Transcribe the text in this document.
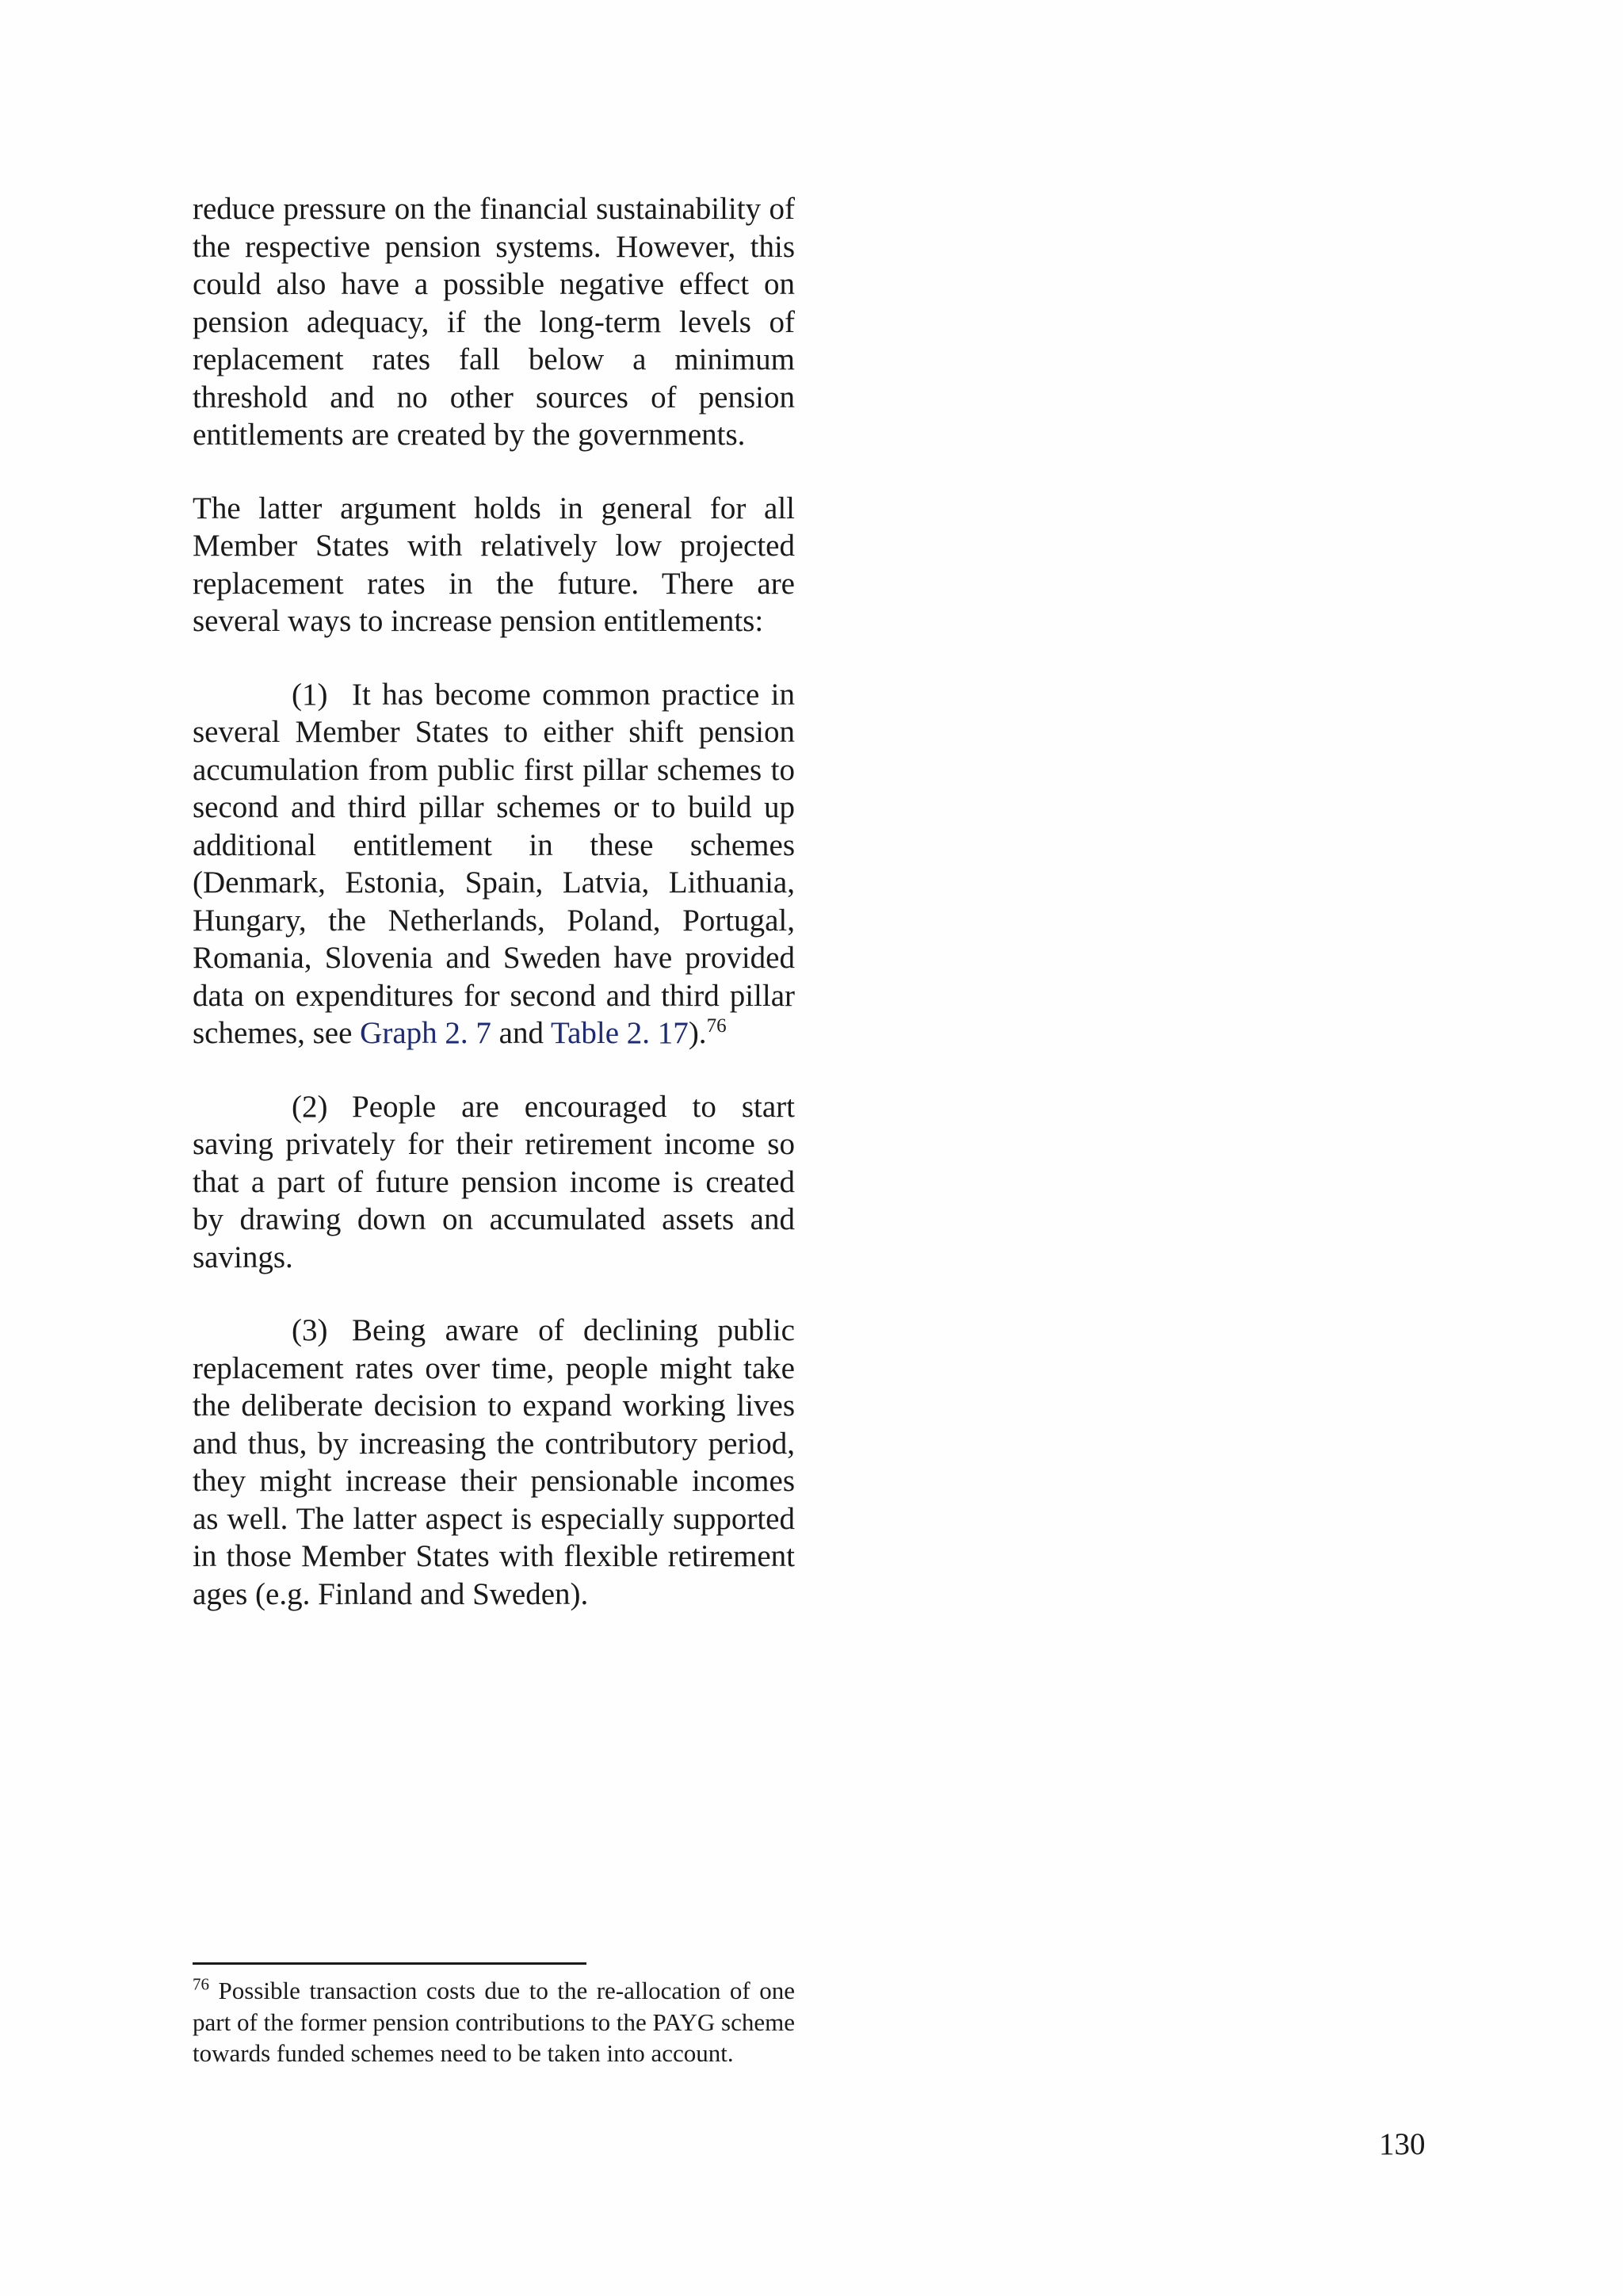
reduce pressure on the financial sustainability of the respective pension systems. However, this could also have a possible negative effect on pension adequacy, if the long-term levels of replacement rates fall below a minimum threshold and no other sources of pension entitlements are created by the governments.

The latter argument holds in general for all Member States with relatively low projected replacement rates in the future. There are several ways to increase pension entitlements:

(1) It has become common practice in several Member States to either shift pension accumulation from public first pillar schemes to second and third pillar schemes or to build up additional entitlement in these schemes (Denmark, Estonia, Spain, Latvia, Lithuania, Hungary, the Netherlands, Poland, Portugal, Romania, Slovenia and Sweden have provided data on expenditures for second and third pillar schemes, see Graph 2. 7 and Table 2. 17).$^{76}$

(2) People are encouraged to start saving privately for their retirement income so that a part of future pension income is created by drawing down on accumulated assets and savings.

(3) Being aware of declining public replacement rates over time, people might take the deliberate decision to expand working lives and thus, by increasing the contributory period, they might increase their pensionable incomes as well. The latter aspect is especially supported in those Member States with flexible retirement ages (e.g. Finland and Sweden).

$^{76}$ Possible transaction costs due to the re-allocation of one part of the former pension contributions to the PAYG scheme towards funded schemes need to be taken into account.

130
